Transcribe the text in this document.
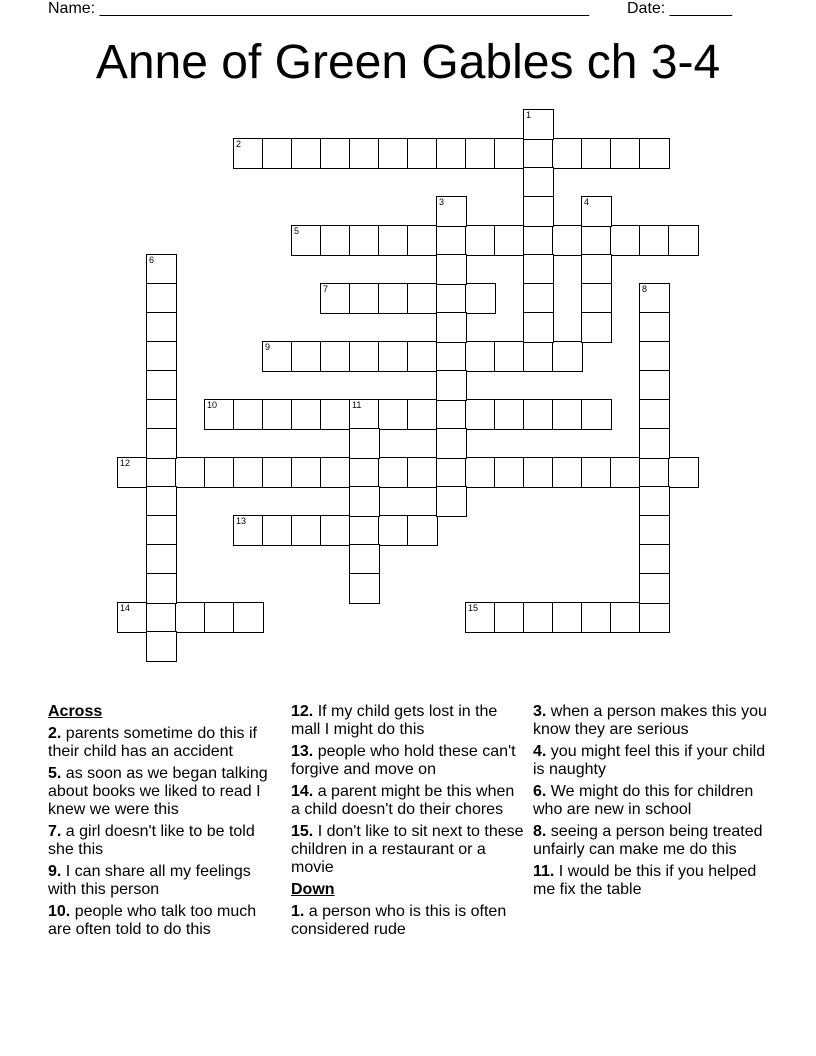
Name: _______________________________________________________ Date: _______
Anne of Green Gables ch 3-4
2
5
7
9
10	11
12
13
14	15
1
3	4
6
8
Across
2. parents sometime do this if their child has an accident
5. as soon as we began talking about books we liked to read I knew we were this
7. a girl doesn't like to be told she this
9. I can share all my feelings with this person
10. people who talk too much are often told to do this
12. If my child gets lost in the mall I might do this
13. people who hold these can't forgive and move on
14. a parent might be this when a child doesn't do their chores
15. I don't like to sit next to these children in a restaurant or a movie
Down
1. a person who is this is often considered rude
3. when a person makes this you know they are serious
4. you might feel this if your child is naughty
6. We might do this for children who are new in school
8. seeing a person being treated unfairly can make me do this
11. I would be this if you helped me fix the table
